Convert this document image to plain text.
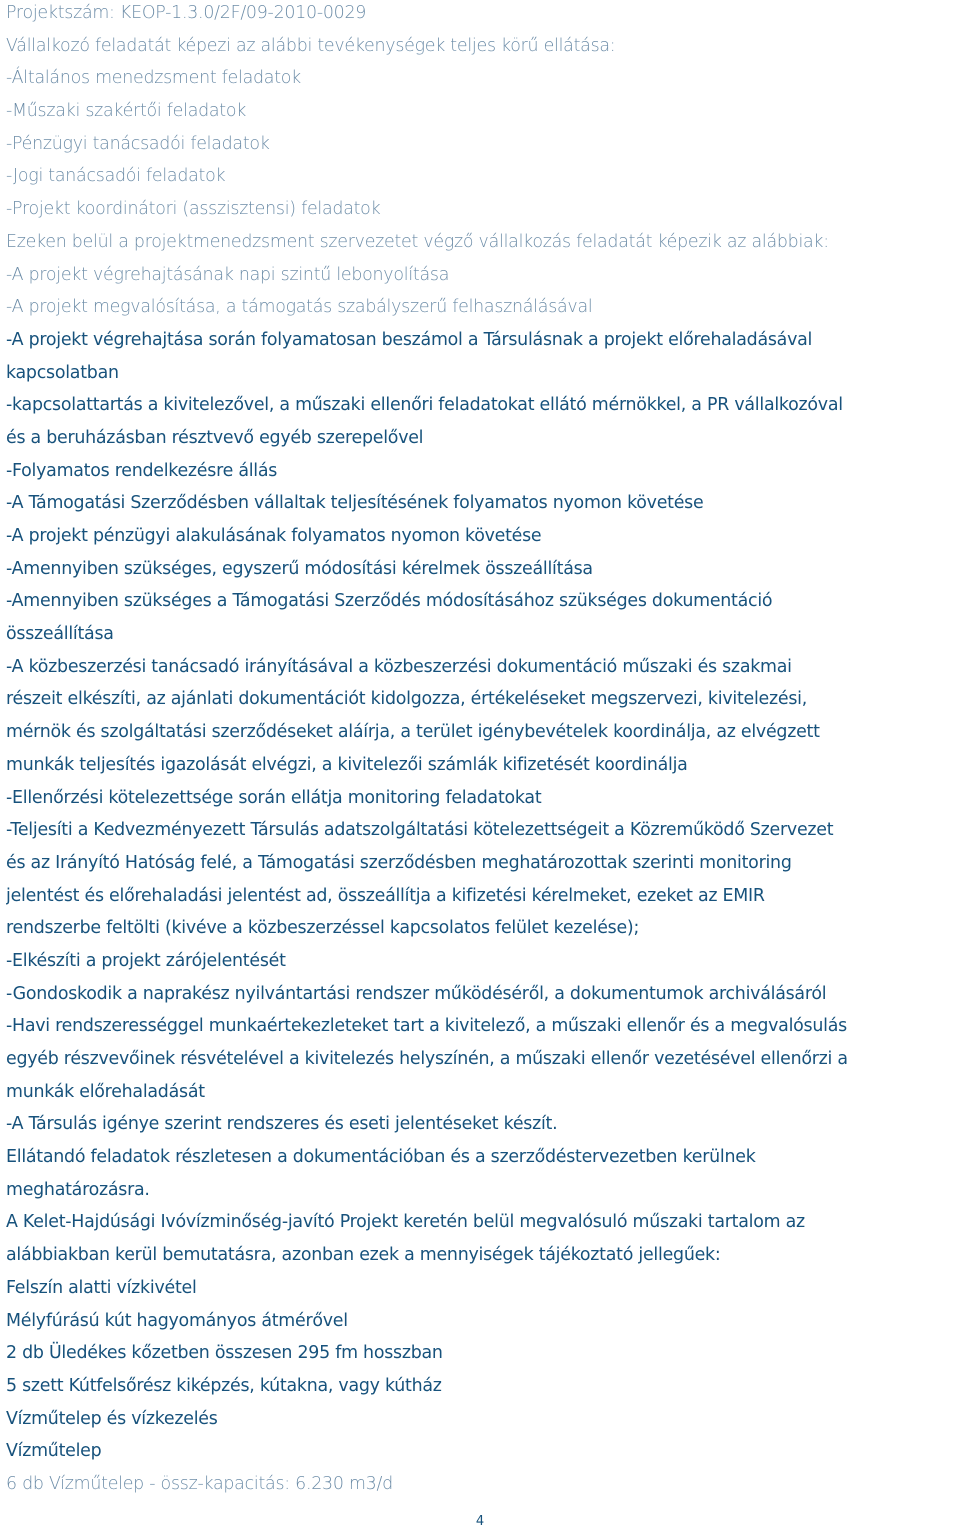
Projektszám: KEOP-1.3.0/2F/09-2010-0029
Vállalkozó feladatát képezi az alábbi tevékenységek teljes körű ellátása:
-Általános menedzsment feladatok
-Műszaki szakértői feladatok
-Pénzügyi tanácsadói feladatok
-Jogi tanácsadói feladatok
-Projekt koordinátori (asszisztensi) feladatok
Ezeken belül a projektmenedzsment szervezetet végző vállalkozás feladatát képezik az alábbiak:
-A projekt végrehajtásának napi szintű lebonyolítása
-A projekt megvalósítása, a támogatás szabályszerű felhasználásával
-A projekt végrehajtása során folyamatosan beszámol a Társulásnak a projekt előrehaladásával
kapcsolatban
-kapcsolattartás a kivitelezővel, a műszaki ellenőri feladatokat ellátó mérnökkel, a PR vállalkozóval
és a beruházásban résztvevő egyéb szerepelővel
-Folyamatos rendelkezésre állás
-A Támogatási Szerződésben vállaltak teljesítésének folyamatos nyomon követése
-A projekt pénzügyi alakulásának folyamatos nyomon követése
-Amennyiben szükséges, egyszerű módosítási kérelmek összeállítása
-Amennyiben szükséges a Támogatási Szerződés módosításához szükséges dokumentáció
összeállítása
-A közbeszerzési tanácsadó irányításával a közbeszerzési dokumentáció műszaki és szakmai
részeit elkészíti, az ajánlati dokumentációt kidolgozza, értékeléseket megszervezi, kivitelezési,
mérnök és szolgáltatási szerződéseket aláírja, a terület igénybevételek koordinálja, az elvégzett
munkák teljesítés igazolását elvégzi, a kivitelezői számlák kifizetését koordinálja
-Ellenőrzési kötelezettsége során ellátja monitoring feladatokat
-Teljesíti a Kedvezményezett Társulás adatszolgáltatási kötelezettségeit a Közreműködő Szervezet
és az Irányító Hatóság felé, a Támogatási szerződésben meghatározottak szerinti monitoring
jelentést és előrehaladási jelentést ad, összeállítja a kifizetési kérelmeket, ezeket az EMIR
rendszerbe feltölti (kivéve a közbeszerzéssel kapcsolatos felület kezelése);
-Elkészíti a projekt zárójelentését
-Gondoskodik a naprakész nyilvántartási rendszer működéséről, a dokumentumok archiválásáról
-Havi rendszerességgel munkaértekezleteket tart a kivitelező, a műszaki ellenőr és a megvalósulás
egyéb részvevőinek résvételével a kivitelezés helyszínén, a műszaki ellenőr vezetésével ellenőrzi a
munkák előrehaladását
-A Társulás igénye szerint rendszeres és eseti jelentéseket készít.
Ellátandó feladatok részletesen a dokumentációban és a szerződéstervezetben kerülnek
meghatározásra.
A Kelet-Hajdúsági Ivóvízminőség-javító Projekt keretén belül megvalósuló műszaki tartalom az
alábbiakban kerül bemutatásra, azonban ezek a mennyiségek tájékoztató jellegűek:
Felszín alatti vízkivétel
Mélyfúrású kút hagyományos átmérővel
2 db Üledékes kőzetben összesen 295 fm hosszban
5 szett Kútfelsőrész kiképzés, kútakna, vagy kútház
Vízműtelep és vízkezelés
Vízműtelep
6 db Vízműtelep - össz-kapacitás: 6.230 m3/d
4
